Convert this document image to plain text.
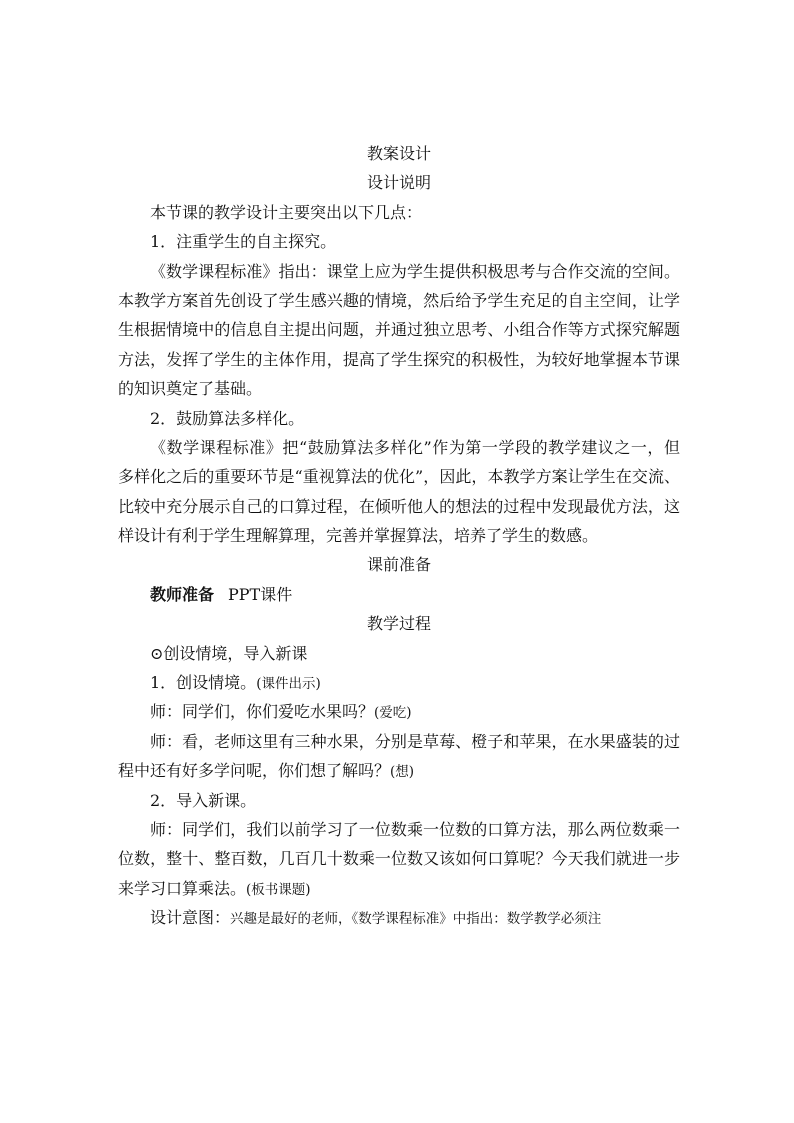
教案设计
设计说明
本节课的教学设计主要突出以下几点：
1．注重学生的自主探究。
《数学课程标准》指出：课堂上应为学生提供积极思考与合作交流的空间。
本教学方案首先创设了学生感兴趣的情境，然后给予学生充足的自主空间，让学
生根据情境中的信息自主提出问题，并通过独立思考、小组合作等方式探究解题
方法，发挥了学生的主体作用，提高了学生探究的积极性，为较好地掌握本节课
的知识奠定了基础。
2．鼓励算法多样化。
《数学课程标准》把“鼓励算法多样化”作为第一学段的教学建议之一，但
多样化之后的重要环节是“重视算法的优化”，因此，本教学方案让学生在交流、
比较中充分展示自己的口算过程，在倾听他人的想法的过程中发现最优方法，这
样设计有利于学生理解算理，完善并掌握算法，培养了学生的数感。
课前准备
教师准备 PPT课件
教学过程
⊙创设情境，导入新课
1．创设情境。(课件出示)
师：同学们，你们爱吃水果吗？(爱吃)
师：看，老师这里有三种水果，分别是草莓、橙子和苹果，在水果盛装的过
程中还有好多学问呢，你们想了解吗？(想)
2．导入新课。
师：同学们，我们以前学习了一位数乘一位数的口算方法，那么两位数乘一
位数，整十、整百数，几百几十数乘一位数又该如何口算呢？今天我们就进一步
来学习口算乘法。(板书课题)
设计意图：兴趣是最好的老师，《数学课程标准》中指出：数学教学必须注
